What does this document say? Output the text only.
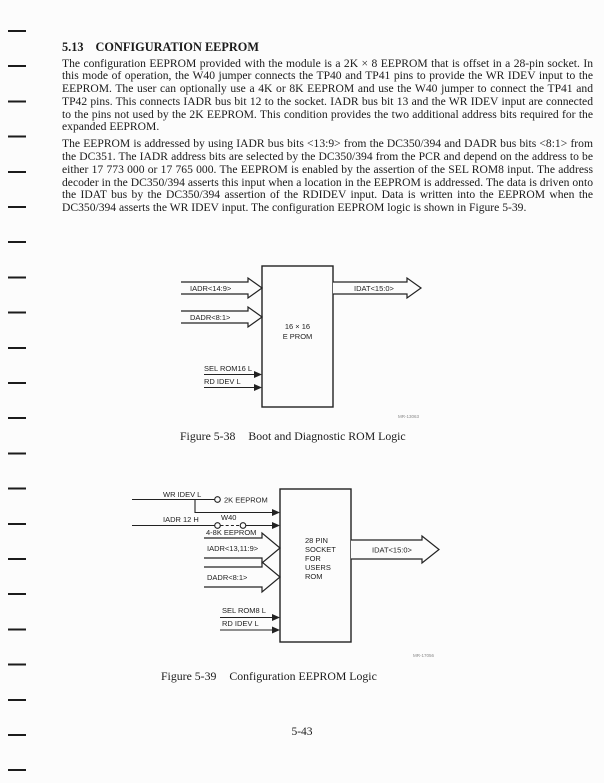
5.13 CONFIGURATION EEPROM

The configuration EEPROM provided with the module is a 2K × 8 EEPROM that is offset in a 28-pin socket. In this mode of operation, the W40 jumper connects the TP40 and TP41 pins to provide the WR IDEV input to the EEPROM. The user can optionally use a 4K or 8K EEPROM and use the W40 jumper to connect the TP41 and TP42 pins. This connects IADR bus bit 12 to the socket. IADR bus bit 13 and the WR IDEV input are connected to the pins not used by the 2K EEPROM. This condition provides the two additional address bits required for the expanded EEPROM.

The EEPROM is addressed by using IADR bus bits <13:9> from the DC350/394 and DADR bus bits <8:1> from the DC351. The IADR address bits are selected by the DC350/394 from the PCR and depend on the address to be either 17 773 000 or 17 765 000. The EEPROM is enabled by the assertion of the SEL ROM8 input. The address decoder in the DC350/394 asserts this input when a location in the EEPROM is addressed. The data is driven onto the IDAT bus by the DC350/394 assertion of the RDIDEV input. Data is written into the EEPROM when the DC350/394 asserts the WR IDEV input. The configuration EEPROM logic is shown in Figure 5-39.

16 × 16
E PROM
IADR<14:9>
DADR<8:1>
IDAT<15:0>
SEL ROM16 L
RD IDEV L
MR-13063
Figure 5-38 Boot and Diagnostic ROM Logic
28 PIN
SOCKET
FOR
USERS
ROM
WR IDEV L
2K EEPROM
IADR 12 H	W40
4-8K EEPROM
IADR<13,11:9>
DADR<8:1>
SEL ROM8 L
RD IDEV L
IDAT<15:0>
MR-17056
Figure 5-39 Configuration EEPROM Logic
5-43
